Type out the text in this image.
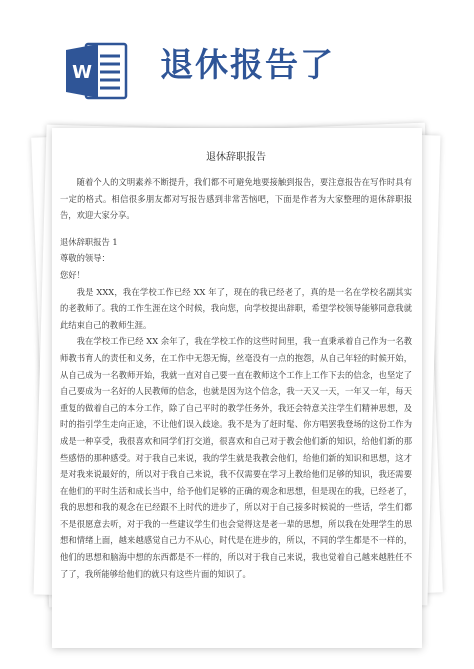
W 退休报告了
退休辞职报告

随着个人的文明素养不断提升，我们都不可避免地要接触到报告，要注意报告在写作时具有一定的格式。相信很多朋友都对写报告感到非常苦恼吧，下面是作者为大家整理的退休辞职报告，欢迎大家分享。

退休辞职报告 1

尊敬的领导：

您好！

我是 XXX，我在学校工作已经 XX 年了，现在的我已经老了，真的是一名在学校名副其实的老教师了。我的工作生涯在这个时候，我向您，向学校提出辞职，希望学校领导能够同意我就此结束自己的教师生涯。

我在学校工作已经 XX 余年了，我在学校工作的这些时间里，我一直秉承着自己作为一名教师教书育人的责任和义务，在工作中无怨无悔，丝毫没有一点的抱怨，从自己年轻的时候开始，从自己成为一名教师开始，我就一直对自己要一直在教师这个工作上工作下去的信念，也坚定了自己要成为一名好的人民教师的信念，也就是因为这个信念，我一天又一天，一年又一年，每天重复的做着自己的本分工作，除了自己平时的教学任务外，我还会特意关注学生们精神思想，及时的指引学生走向正途，不让他们误入歧途。我不是为了赶时髦、你方唱罢我登场的这份工作为成是一种享受，我很喜欢和同学们打交道，很喜欢和自己对于教会他们新的知识，给他们新的那些感悟的那种感受。对于我自己来说，我的学生就是我教会他们，给他们新的知识和思想，这才是对我来说最好的，所以对于我自己来说，我不仅需要在学习上教给他们足够的知识，我还需要在他们的平时生活和成长当中，给予他们足够的正确的观念和思想，但是现在的我，已经老了，我的思想和我的观念在已经跟不上时代的进步了，所以对于自己接多时候说的一些话，学生们都不是很愿意去听，对于我的一些建议学生们也会觉得这是老一辈的思想，所以我在处理学生的思想和情绪上面，越来越感觉自己力不从心，时代是在进步的，所以，不同的学生都是不一样的，他们的思想和脑海中想的东西都是不一样的，所以对于我自己来说，我也觉着自己越来越胜任不了了，我所能够给他们的就只有这些片面的知识了。
